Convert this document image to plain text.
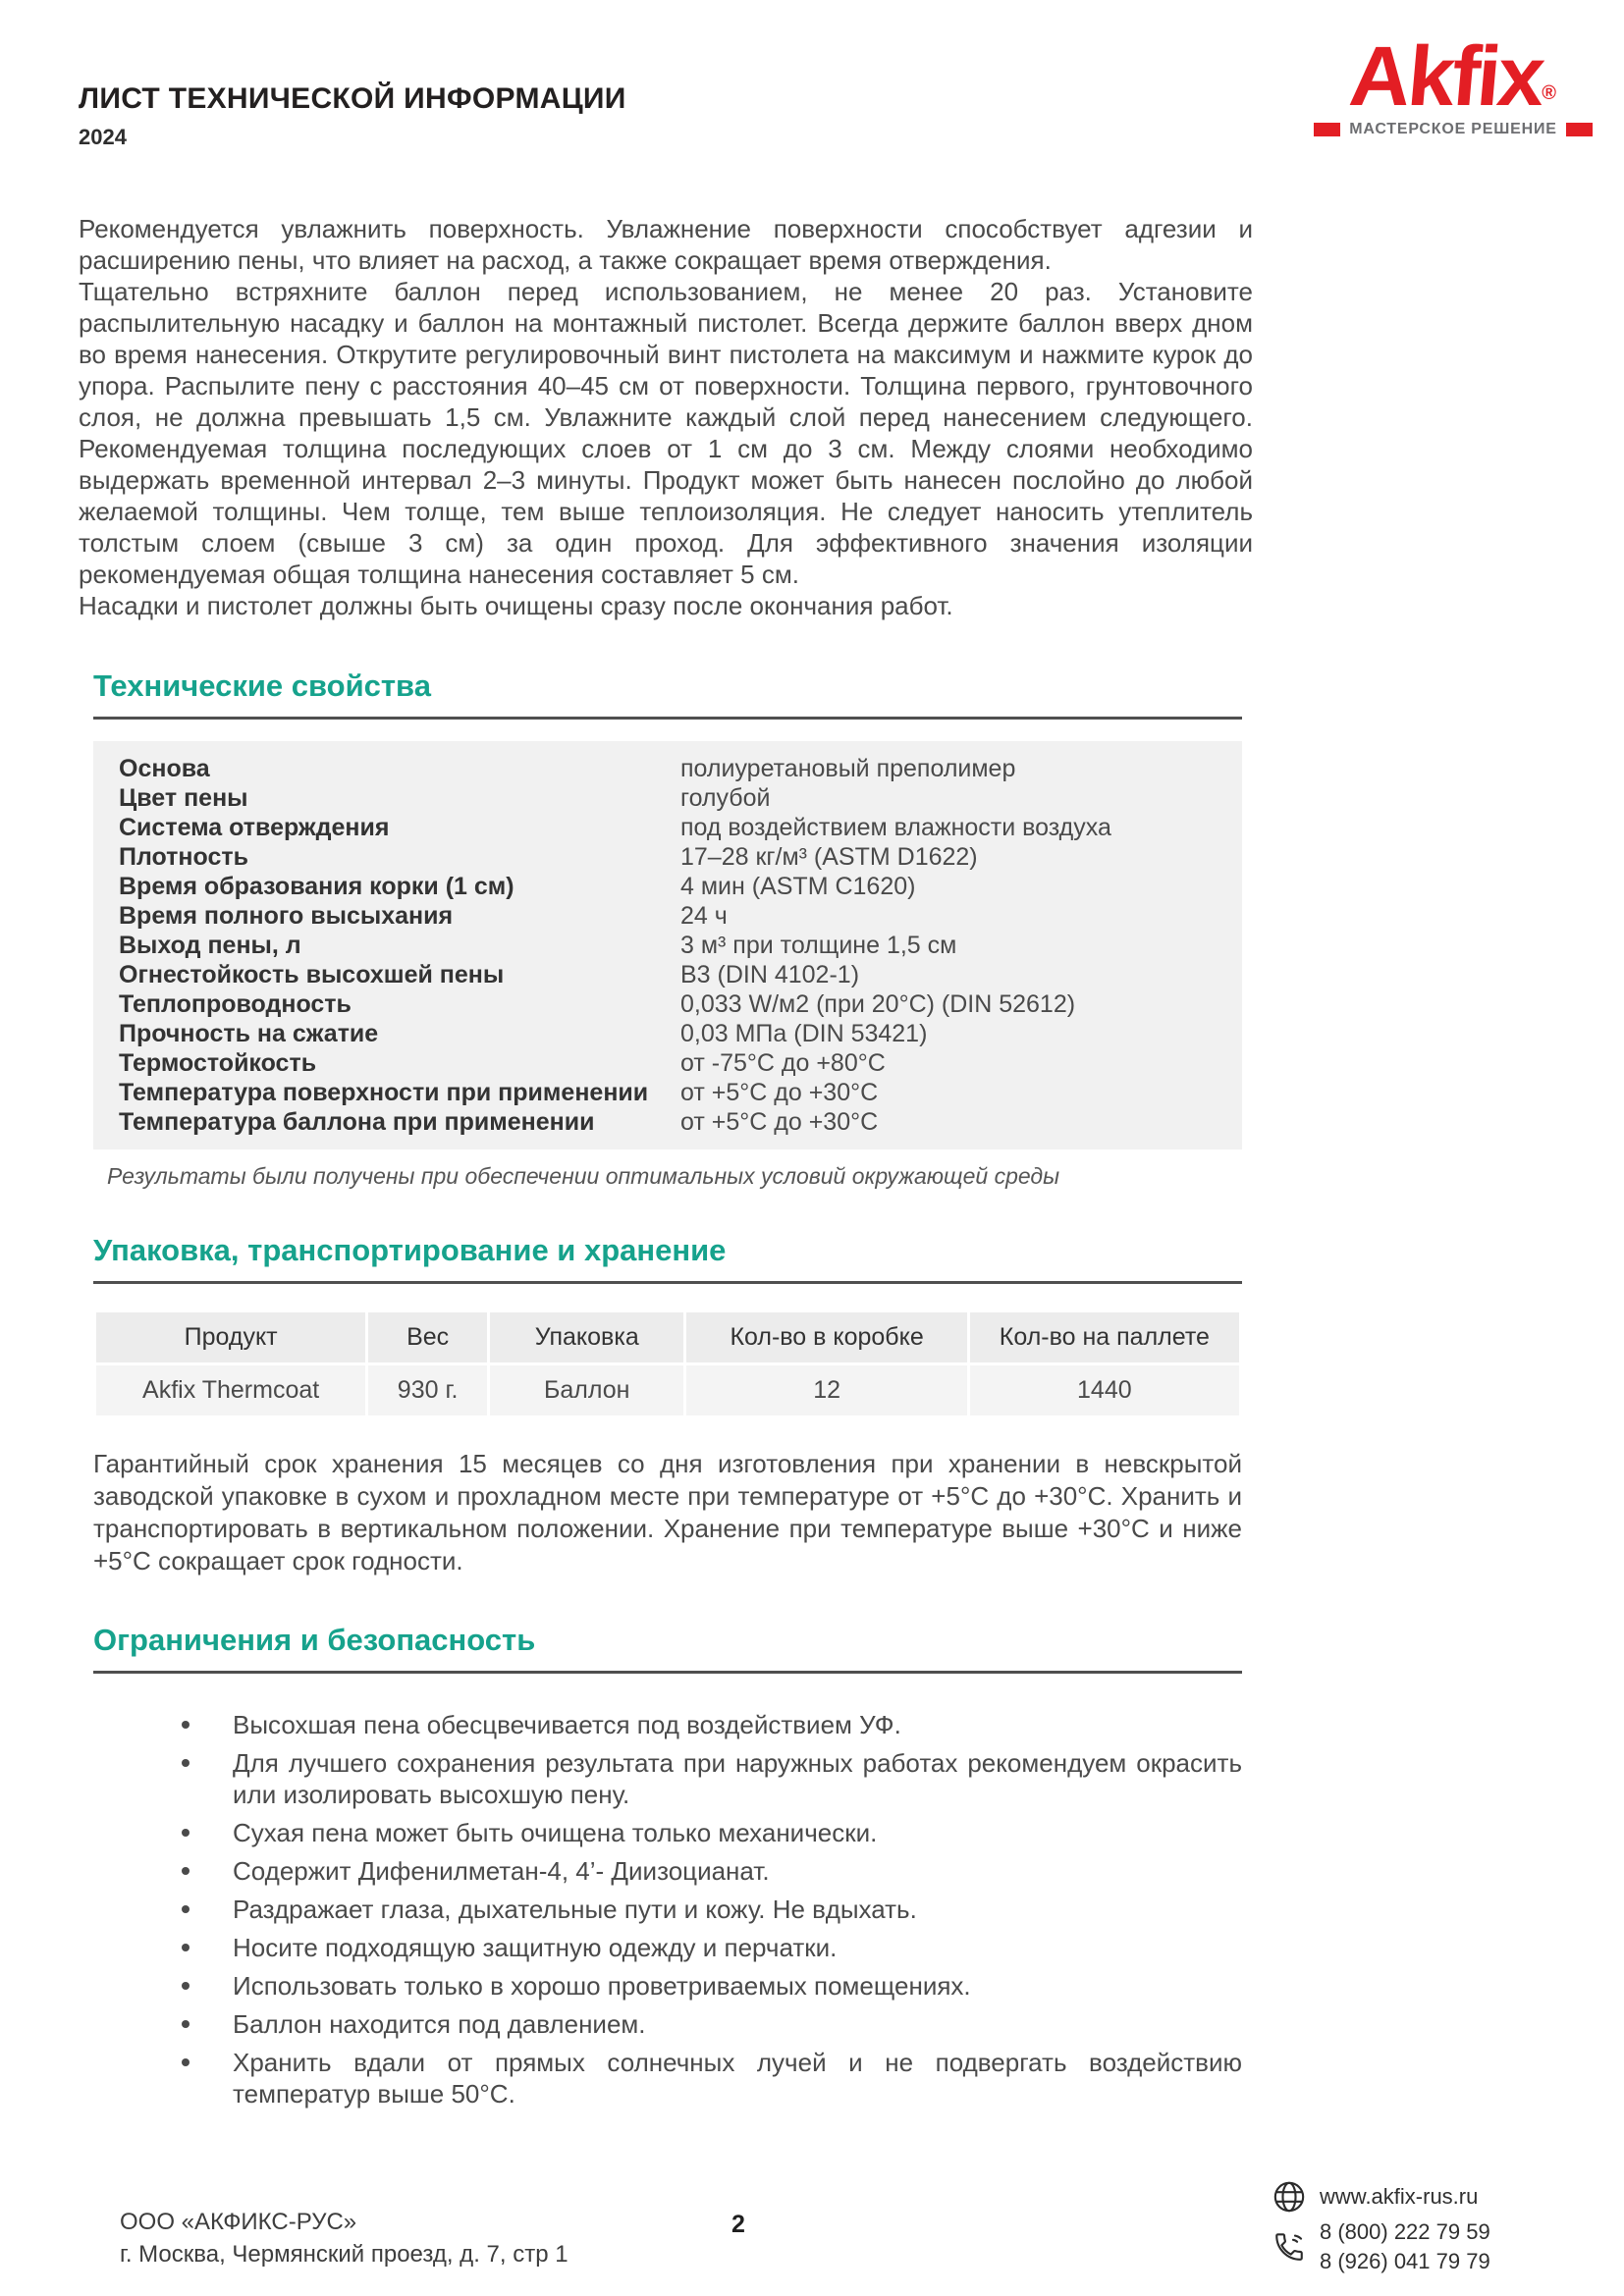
ЛИСТ ТЕХНИЧЕСКОЙ ИНФОРМАЦИИ
2024
Akfix®
МАСТЕРСКОЕ РЕШЕНИЕ

Рекомендуется увлажнить поверхность. Увлажнение поверхности способствует адгезии и расширению пены, что влияет на расход, а также сокращает время отверждения.

Тщательно встряхните баллон перед использованием, не менее 20 раз. Установите распылительную насадку и баллон на монтажный пистолет. Всегда держите баллон вверх дном во время нанесения. Открутите регулировочный винт пистолета на максимум и нажмите курок до упора. Распылите пену с расстояния 40–45 см от поверхности. Толщина первого, грунтовочного слоя, не должна превышать 1,5 см. Увлажните каждый слой перед нанесением следующего. Рекомендуемая толщина последующих слоев от 1 см до 3 см. Между слоями необходимо выдержать временной интервал 2–3 минуты. Продукт может быть нанесен послойно до любой желаемой толщины. Чем толще, тем выше теплоизоляция. Не следует наносить утеплитель толстым слоем (свыше 3 см) за один проход. Для эффективного значения изоляции рекомендуемая общая толщина нанесения составляет 5 см.

Насадки и пистолет должны быть очищены сразу после окончания работ.

Технические свойства
Основа	полиуретановый преполимер
Цвет пены	голубой
Система отверждения	под воздействием влажности воздуха
Плотность	17–28 кг/м³ (ASTM D1622)
Время образования корки (1 см)	4 мин (ASTM C1620)
Время полного высыхания	24 ч
Выход пены, л	3 м³ при толщине 1,5 см
Огнестойкость высохшей пены	B3 (DIN 4102-1)
Теплопроводность	0,033 W/м2 (при 20°C) (DIN 52612)
Прочность на сжатие	0,03 МПа (DIN 53421)
Термостойкость	от -75°C до +80°C
Температура поверхности при применении	от +5°C до +30°C
Температура баллона при применении	от +5°C до +30°C
Результаты были получены при обеспечении оптимальных условий окружающей среды
Упаковка, транспортирование и хранение
Продукт	Вес	Упаковка	Кол-во в коробке	Кол-во на паллете
Akfix Thermcoat	930 г.	Баллон	12	1440

Гарантийный срок хранения 15 месяцев со дня изготовления при хранении в невскрытой заводской упаковке в сухом и прохладном месте при температуре от +5°C до +30°C. Хранить и транспортировать в вертикальном положении. Хранение при температуре выше +30°C и ниже +5°C сокращает срок годности.

Ограничения и безопасность
Высохшая пена обесцвечивается под воздействием УФ.
Для лучшего сохранения результата при наружных работах рекомендуем окрасить или изолировать высохшую пену.
Сухая пена может быть очищена только механически.
Содержит Дифенилметан-4, 4’- Диизоцианат.
Раздражает глаза, дыхательные пути и кожу. Не вдыхать.
Носите подходящую защитную одежду и перчатки.
Использовать только в хорошо проветриваемых помещениях.
Баллон находится под давлением.
Хранить вдали от прямых солнечных лучей и не подвергать воздействию температур выше 50°C.
ООО «АКФИКС-РУС»
г. Москва, Чермянский проезд, д. 7, стр 1
2
www.akfix-rus.ru
8 (800) 222 79 59
8 (926) 041 79 79
